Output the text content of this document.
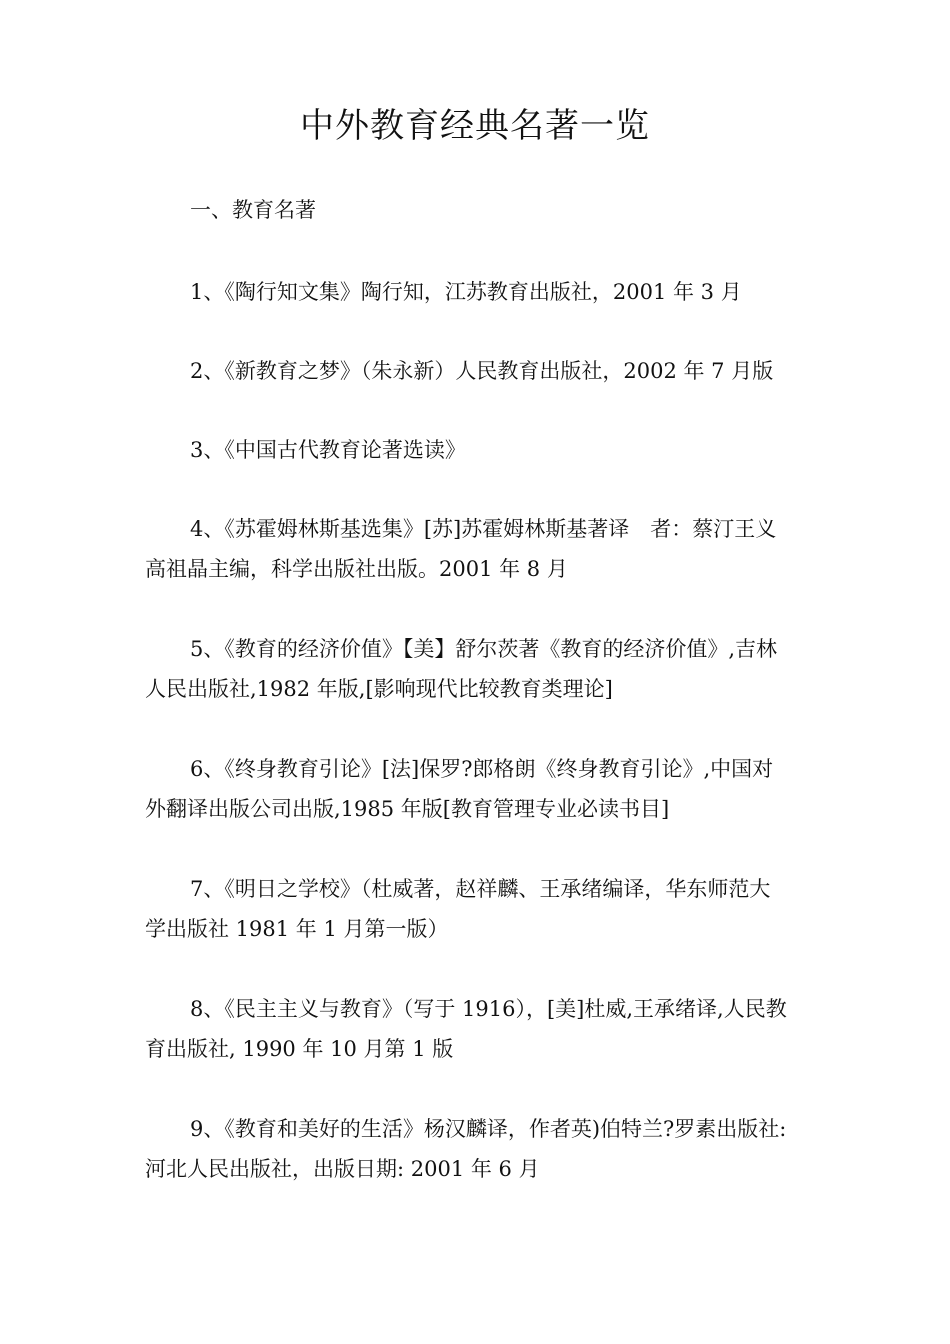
中外教育经典名著一览

一、教育名著

1、《陶行知文集》陶行知，江苏教育出版社，2001 年 3 月

2、《新教育之梦》（朱永新）人民教育出版社，2002 年 7 月版

3、《中国古代教育论著选读》

4、《苏霍姆林斯基选集》[苏]苏霍姆林斯基著译　者：蔡汀王义
高祖晶主编，科学出版社出版。2001 年 8 月

5、《教育的经济价值》【美】舒尔茨著《教育的经济价值》,吉林
人民出版社,1982 年版,[影响现代比较教育类理论]

6、《终身教育引论》[法]保罗?郎格朗《终身教育引论》,中国对
外翻译出版公司出版,1985 年版[教育管理专业必读书目]

7、《明日之学校》（杜威著，赵祥麟、王承绪编译，华东师范大
学出版社 1981 年 1 月第一版）

8、《民主主义与教育》（写于 1916），[美]杜威,王承绪译,人民教
育出版社, 1990 年 10 月第 1 版

9、《教育和美好的生活》杨汉麟译，作者英)伯特兰?罗素出版社:
河北人民出版社，出版日期: 2001 年 6 月
